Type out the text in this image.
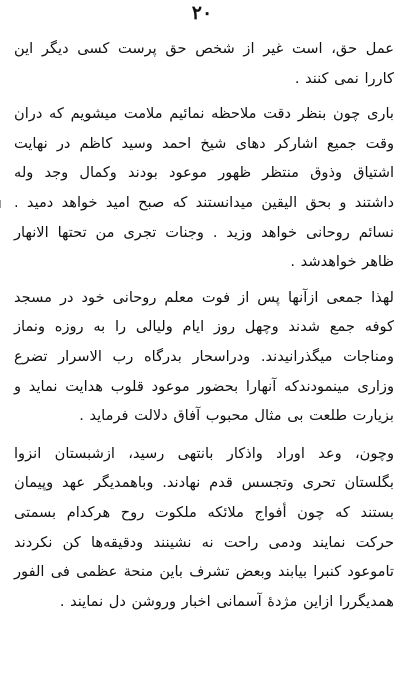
۲۰

عمل حق، است غیر از شخص حق پرست کسی دیگر این کاررا نمی کنند .

باری چون بنظر دقت ملاحظه نمائیم ملامت میشویم که دران وقت جمیع اشارکر دهای شیخ احمد وسید کاظم در نهایت اشتیاق وذوق منتظر ظهور موعود بودند وکمال وجد وله داشتند و بحق الیقین میدانستند که صبح امید خواهد دمید . نسائم روحانی خواهد وزید . وجنات تجری من تحتها الانهار ظاهر خواهدشد .

لهذا جمعی ازآنها پس از فوت معلم روحانی خود در مسجد کوفه جمع شدند وچهل روز ایام ولیالی را به روزه ونماز ومناجات میگذرانیدند. ودراسحار بدرگاه رب الاسرار تضرع وزاری مینمودندکه آنهارا بحضور موعود قلوب هدایت نماید و بزیارت طلعت بی مثال محبوب آفاق دلالت فرماید .

وچون، وعد اوراد واذکار بانتهی رسید، ازشبستان انزوا بگلستان تحری وتجسس قدم نهادند. وباهمدیگر عهد وپیمان بستند که چون أفواج ملائکه ملکوت روح هرکدام بسمتی حرکت نمایند ودمی راحت نه نشینند ودقیقه‌ها کن نکردند تاموعود کنبرا بیابند وبعض تشرف باین منحة عظمی فی الفور همدیگررا ازاین مژدهٔ آسمانی اخبار وروشن دل نمایند .
